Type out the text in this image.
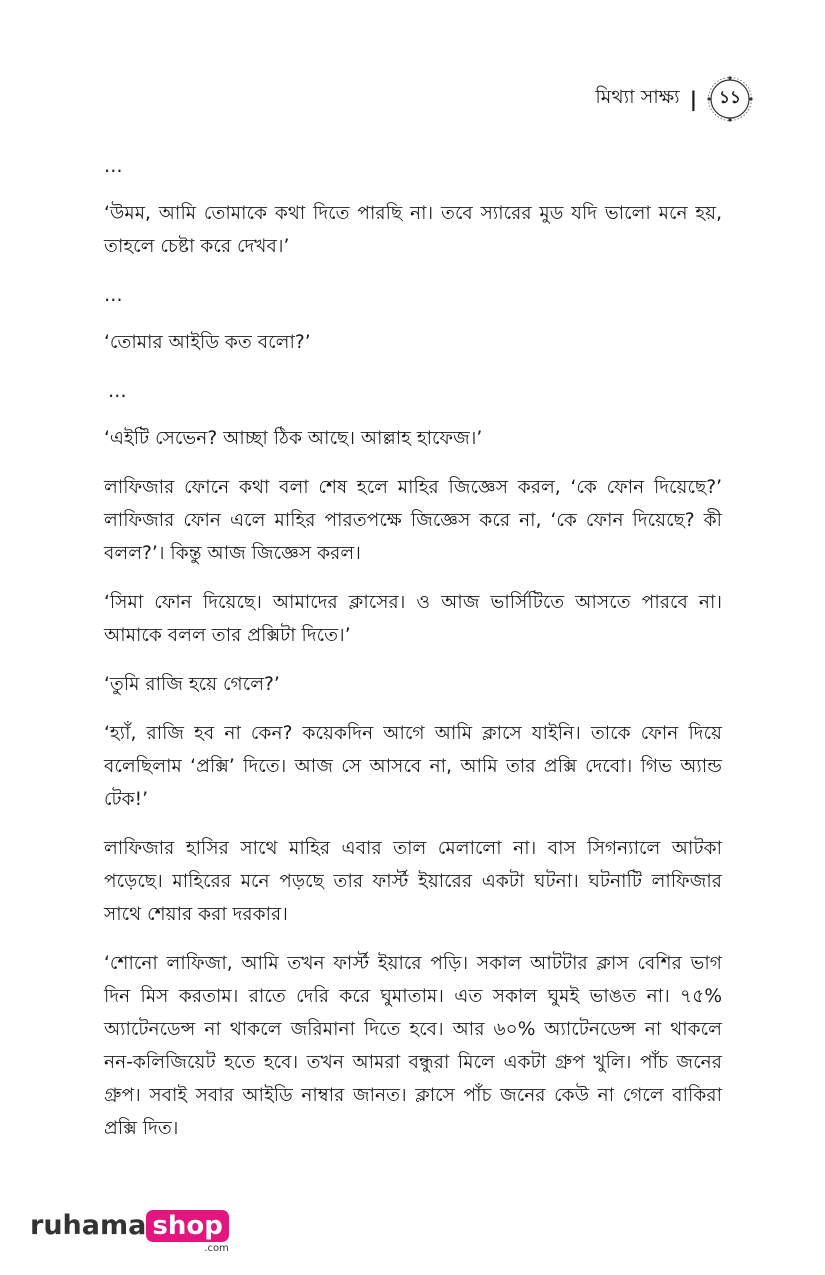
মিথ্যা সাক্ষ্য | ১১

…

‘উমম, আমি তোমাকে কথা দিতে পারছি না। তবে স্যারের মুড যদি ভালো মনে হয়, তাহলে চেষ্টা করে দেখব।’

…

‘তোমার আইডি কত বলো?’

…

‘এইটি সেভেন? আচ্ছা ঠিক আছে। আল্লাহ হাফেজ।’

লাফিজার ফোনে কথা বলা শেষ হলে মাহির জিজ্ঞেস করল, ‘কে ফোন দিয়েছে?’ লাফিজার ফোন এলে মাহির পারতপক্ষে জিজ্ঞেস করে না, ‘কে ফোন দিয়েছে? কী বলল?’। কিন্তু আজ জিজ্ঞেস করল।

‘সিমা ফোন দিয়েছে। আমাদের ক্লাসের। ও আজ ভার্সিটিতে আসতে পারবে না। আমাকে বলল তার প্রক্সিটা দিতে।’

‘তুমি রাজি হয়ে গেলে?’

‘হ্যাঁ, রাজি হব না কেন? কয়েকদিন আগে আমি ক্লাসে যাইনি। তাকে ফোন দিয়ে বলেছিলাম ‘প্রক্সি’ দিতে। আজ সে আসবে না, আমি তার প্রক্সি দেবো। গিভ অ্যান্ড টেক!’

লাফিজার হাসির সাথে মাহির এবার তাল মেলালো না। বাস সিগন্যালে আটকা পড়েছে। মাহিরের মনে পড়ছে তার ফার্স্ট ইয়ারের একটা ঘটনা। ঘটনাটি লাফিজার সাথে শেয়ার করা দরকার।

‘শোনো লাফিজা, আমি তখন ফার্স্ট ইয়ারে পড়ি। সকাল আটটার ক্লাস বেশির ভাগ দিন মিস করতাম। রাতে দেরি করে ঘুমাতাম। এত সকাল ঘুমই ভাঙত না। ৭৫% অ্যাটেনডেন্স না থাকলে জরিমানা দিতে হবে। আর ৬০% অ্যাটেনডেন্স না থাকলে নন-কলিজিয়েট হতে হবে। তখন আমরা বন্ধুরা মিলে একটা গ্রুপ খুলি। পাঁচ জনের গ্রুপ। সবাই সবার আইডি নাম্বার জানত। ক্লাসে পাঁচ জনের কেউ না গেলে বাকিরা প্রক্সি দিত।

ruhama shop
.com
